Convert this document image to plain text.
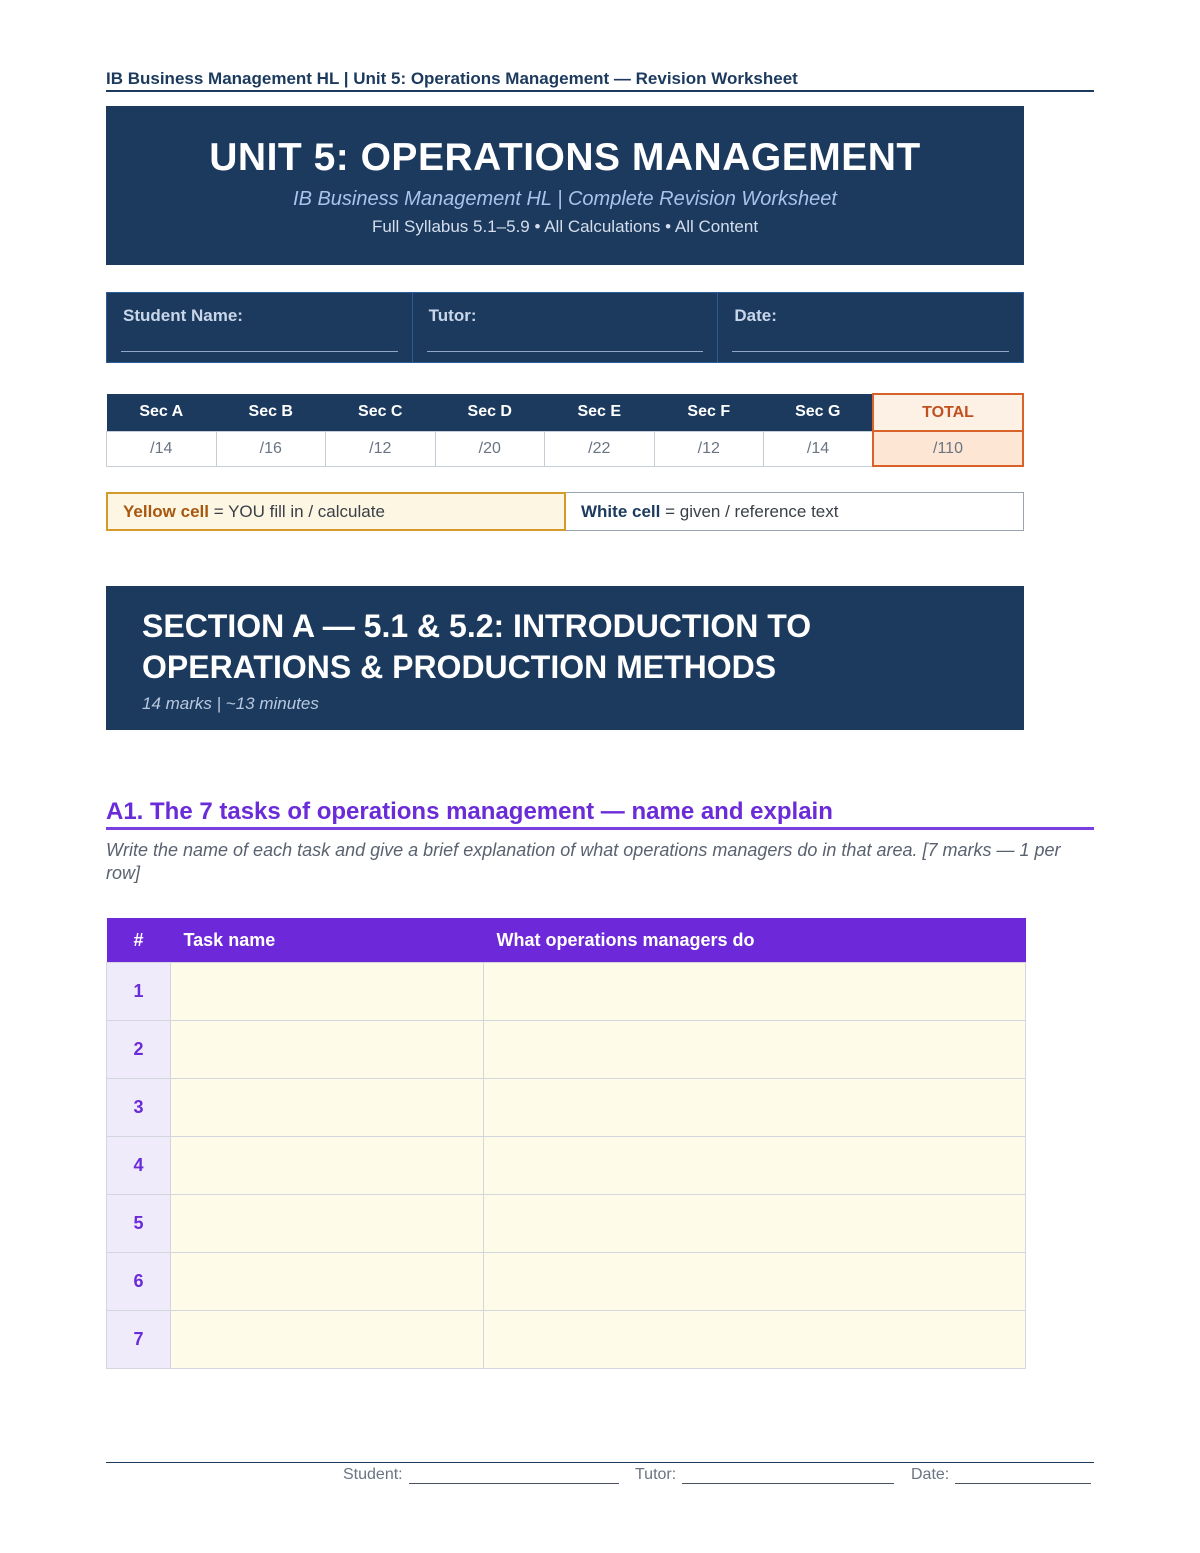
IB Business Management HL | Unit 5: Operations Management — Revision Worksheet
UNIT 5: OPERATIONS MANAGEMENT
IB Business Management HL | Complete Revision Worksheet
Full Syllabus 5.1–5.9 • All Calculations • All Content
Student Name:	Tutor:	Date:
Sec A	Sec B	Sec C	Sec D	Sec E	Sec F	Sec G	TOTAL
/14	/16	/12	/20	/22	/12	/14	/110
Yellow cell = YOU fill in / calculate	White cell = given / reference text
SECTION A — 5.1 & 5.2: INTRODUCTION TO
OPERATIONS & PRODUCTION METHODS
14 marks | ~13 minutes
A1. The 7 tasks of operations management — name and explain
Write the name of each task and give a brief explanation of what operations managers do in that area. [7 marks — 1 per row]
#	Task name	What operations managers do
1		
2		
3		
4		
5		
6		
7		
Student:	Tutor:	Date:
